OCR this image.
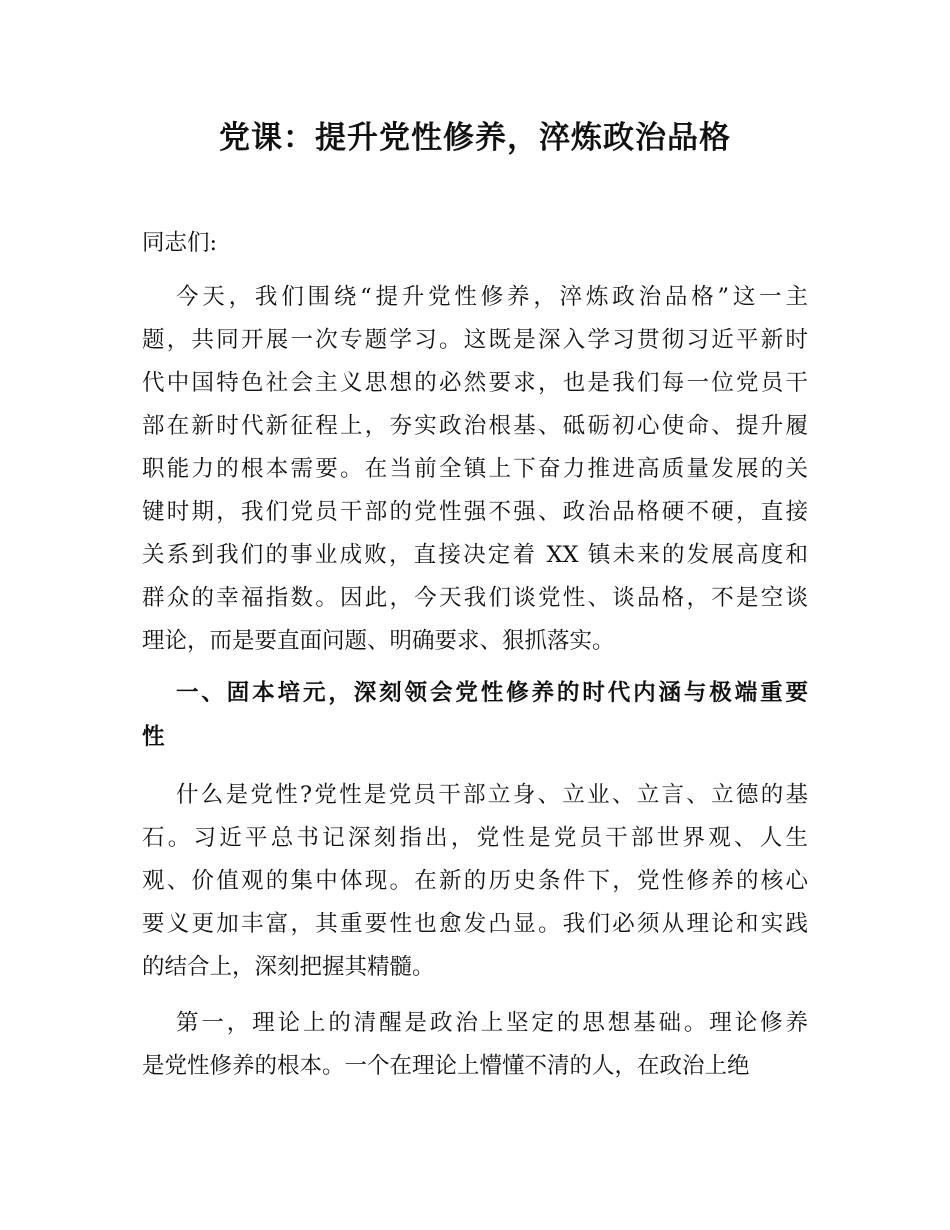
党课：提升党性修养，淬炼政治品格
同志们:
今天，我们围绕“提升党性修养，淬炼政治品格”这一主
题，共同开展一次专题学习。这既是深入学习贯彻习近平新时
代中国特色社会主义思想的必然要求，也是我们每一位党员干
部在新时代新征程上，夯实政治根基、砥砺初心使命、提升履
职能力的根本需要。在当前全镇上下奋力推进高质量发展的关
键时期，我们党员干部的党性强不强、政治品格硬不硬，直接
关系到我们的事业成败，直接决定着 XX 镇未来的发展高度和
群众的幸福指数。因此，今天我们谈党性、谈品格，不是空谈
理论，而是要直面问题、明确要求、狠抓落实。
一、固本培元，深刻领会党性修养的时代内涵与极端重要
性
什么是党性?党性是党员干部立身、立业、立言、立德的基
石。习近平总书记深刻指出，党性是党员干部世界观、人生
观、价值观的集中体现。在新的历史条件下，党性修养的核心
要义更加丰富，其重要性也愈发凸显。我们必须从理论和实践
的结合上，深刻把握其精髓。
第一，理论上的清醒是政治上坚定的思想基础。理论修养
是党性修养的根本。一个在理论上懵懂不清的人，在政治上绝
